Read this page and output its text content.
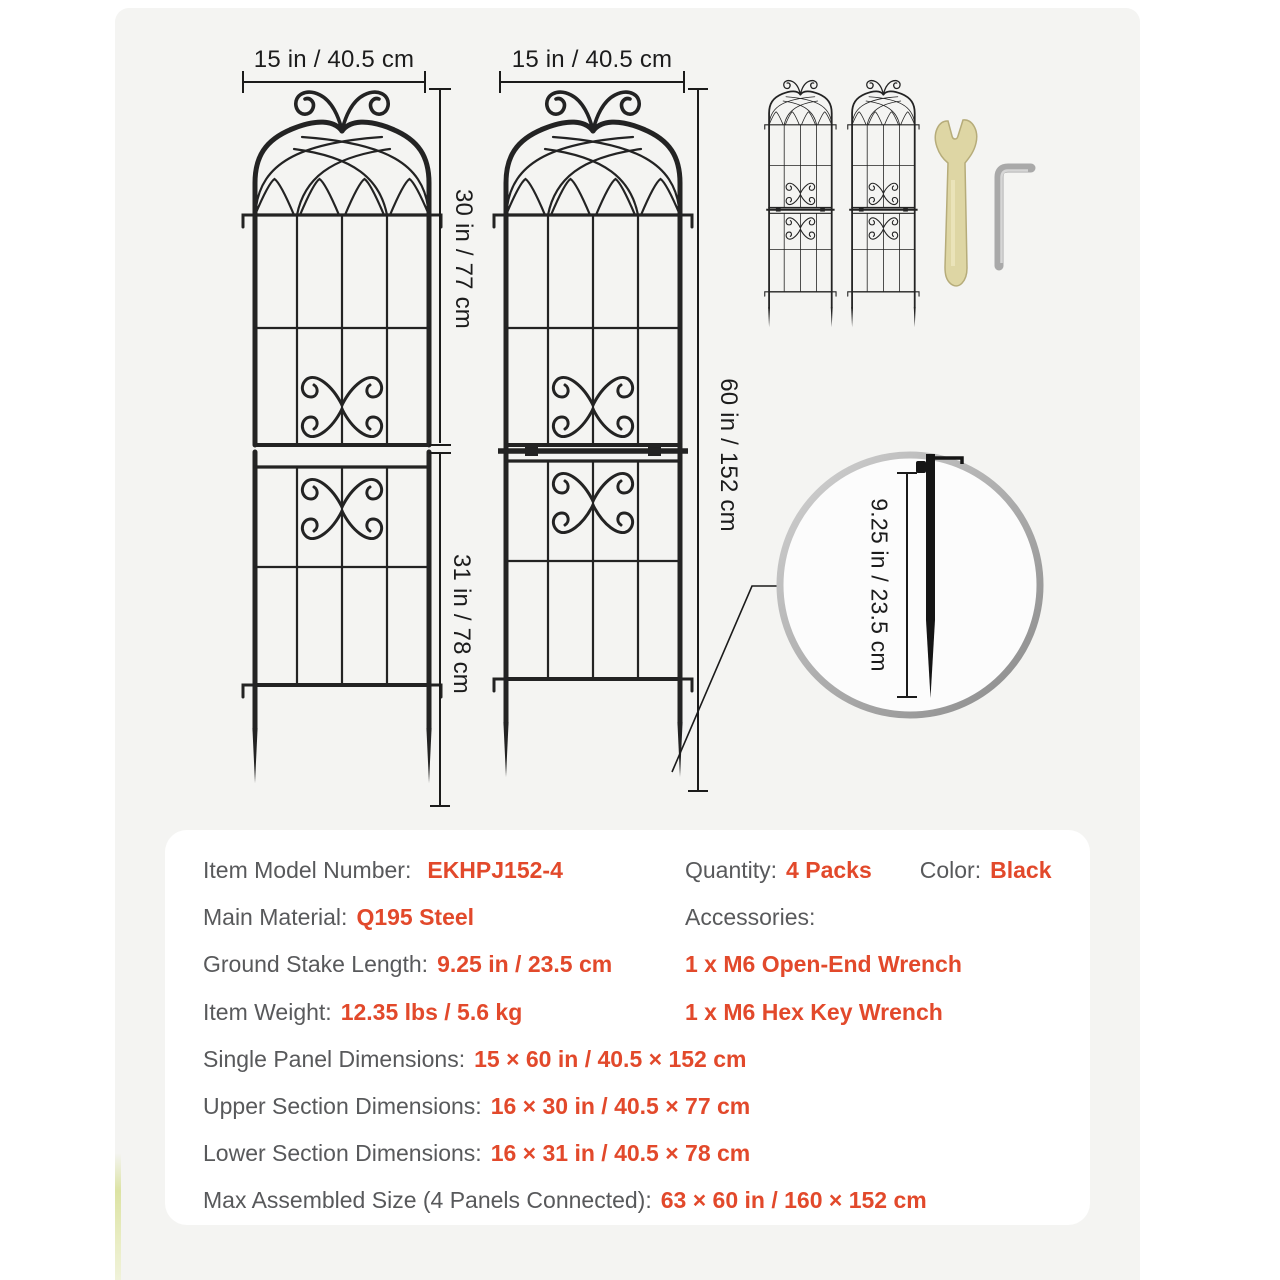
15 in / 40.5 cm	15 in / 40.5 cm
30 in / 77 cm
31 in / 78 cm
60 in / 152 cm
9.25 in / 23.5 cm
Item Model Number: EKHPJ152-4
Main Material: Q195 Steel
Ground Stake Length: 9.25 in / 23.5 cm
Item Weight: 12.35 lbs / 5.6 kg
Single Panel Dimensions: 15 × 60 in / 40.5 × 152 cm
Upper Section Dimensions: 16 × 30 in / 40.5 × 77 cm
Lower Section Dimensions: 16 × 31 in / 40.5 × 78 cm
Max Assembled Size (4 Panels Connected): 63 × 60 in / 160 × 152 cm
Quantity: 4 Packs Color: Black
Accessories:
1 x M6 Open-End Wrench
1 x M6 Hex Key Wrench
